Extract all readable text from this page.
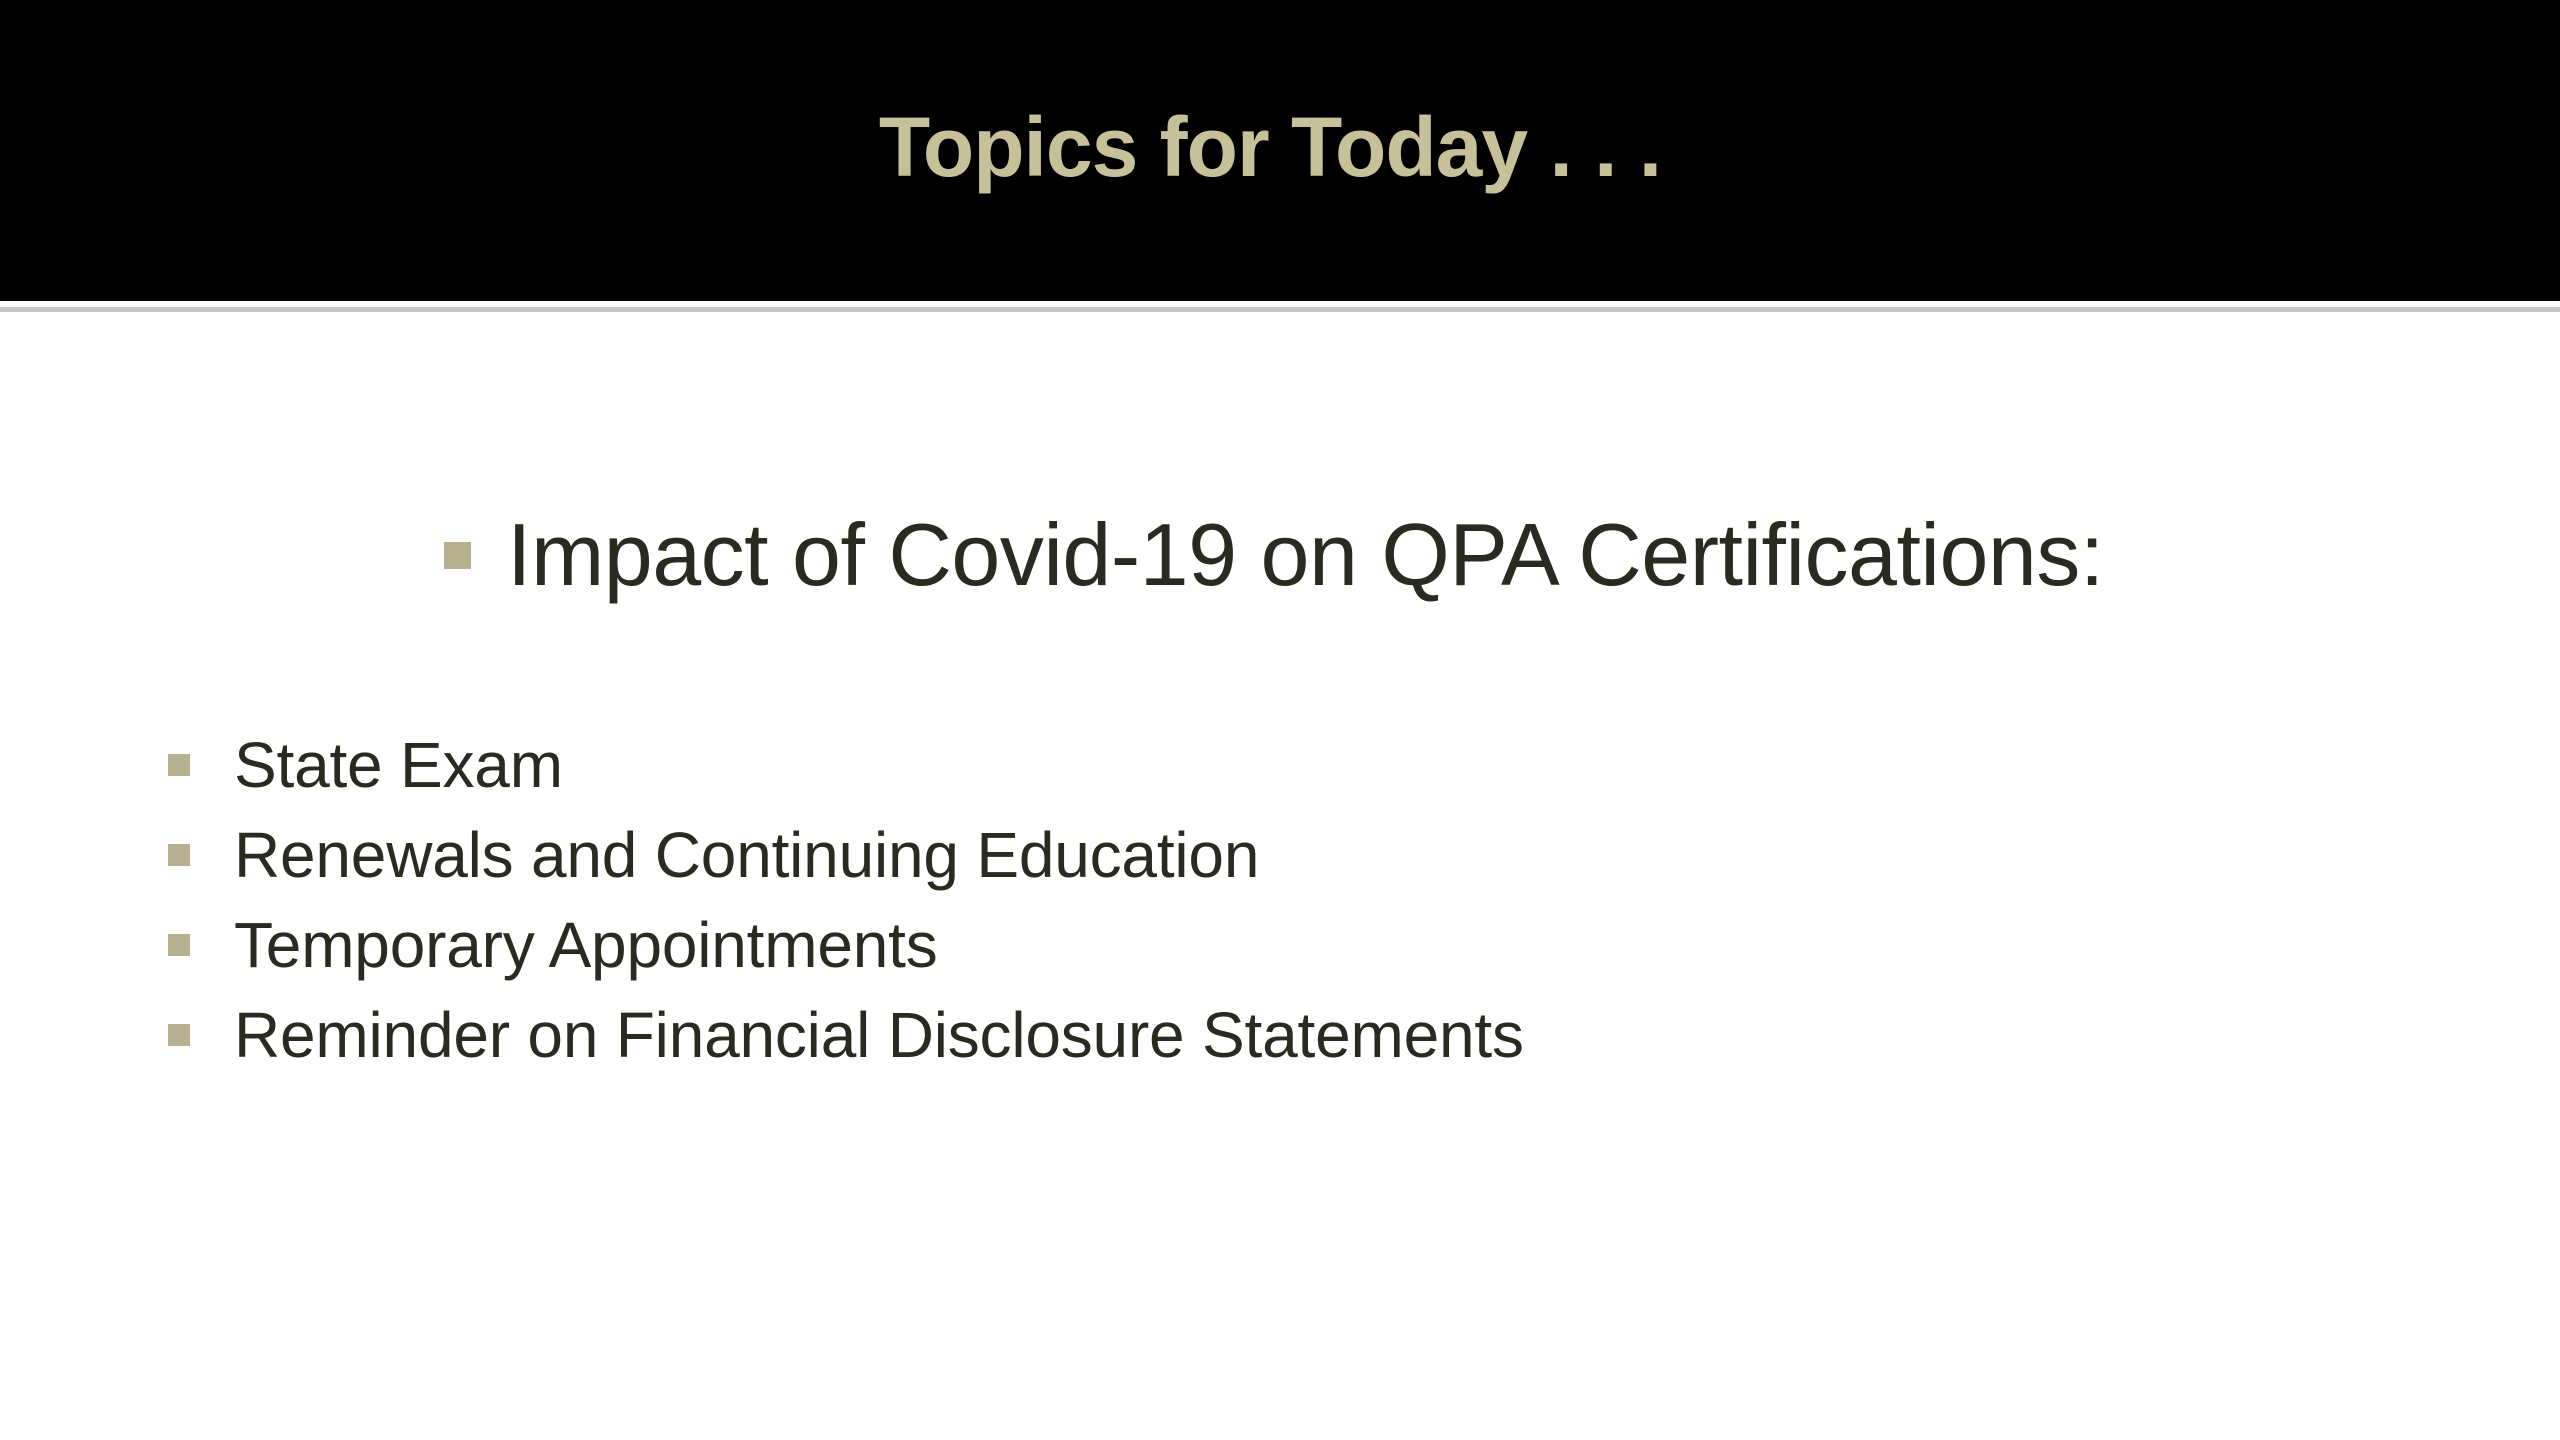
Topics for Today . . .
Impact of Covid-19 on QPA Certifications:
State Exam
Renewals and Continuing Education
Temporary Appointments
Reminder on Financial Disclosure Statements
